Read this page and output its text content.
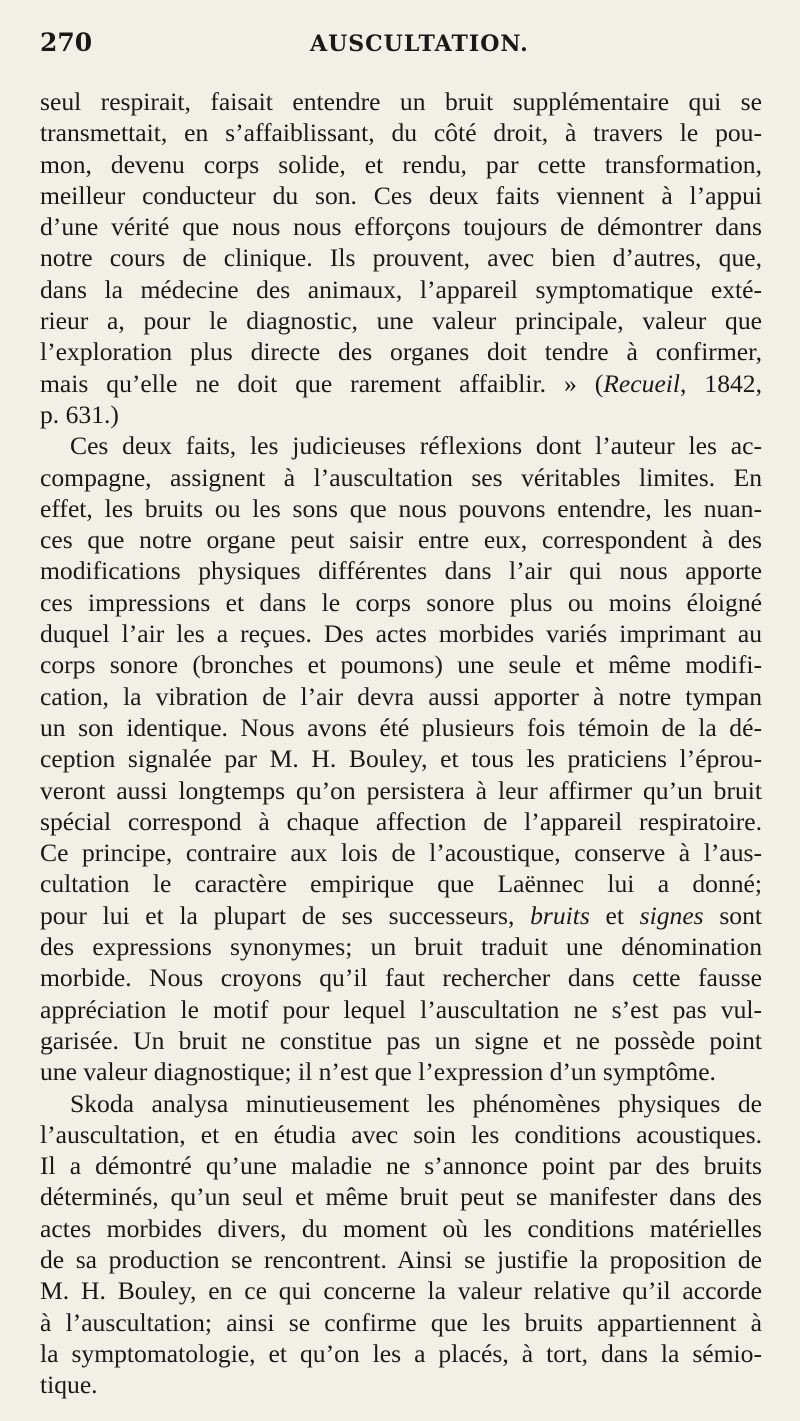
270	AUSCULTATION.
seul respirait, faisait entendre un bruit supplémentaire qui se
transmettait, en s’affaiblissant, du côté droit, à travers le pou-
mon, devenu corps solide, et rendu, par cette transformation,
meilleur conducteur du son. Ces deux faits viennent à l’appui
d’une vérité que nous nous efforçons toujours de démontrer dans
notre cours de clinique. Ils prouvent, avec bien d’autres, que,
dans la médecine des animaux, l’appareil symptomatique exté-
rieur a, pour le diagnostic, une valeur principale, valeur que
l’exploration plus directe des organes doit tendre à confirmer,
mais qu’elle ne doit que rarement affaiblir. » (Recueil, 1842,
p. 631.)
Ces deux faits, les judicieuses réflexions dont l’auteur les ac-
compagne, assignent à l’auscultation ses véritables limites. En
effet, les bruits ou les sons que nous pouvons entendre, les nuan-
ces que notre organe peut saisir entre eux, correspondent à des
modifications physiques différentes dans l’air qui nous apporte
ces impressions et dans le corps sonore plus ou moins éloigné
duquel l’air les a reçues. Des actes morbides variés imprimant au
corps sonore (bronches et poumons) une seule et même modifi-
cation, la vibration de l’air devra aussi apporter à notre tympan
un son identique. Nous avons été plusieurs fois témoin de la dé-
ception signalée par M. H. Bouley, et tous les praticiens l’éprou-
veront aussi longtemps qu’on persistera à leur affirmer qu’un bruit
spécial correspond à chaque affection de l’appareil respiratoire.
Ce principe, contraire aux lois de l’acoustique, conserve à l’aus-
cultation le caractère empirique que Laënnec lui a donné;
pour lui et la plupart de ses successeurs, bruits et signes sont
des expressions synonymes; un bruit traduit une dénomination
morbide. Nous croyons qu’il faut rechercher dans cette fausse
appréciation le motif pour lequel l’auscultation ne s’est pas vul-
garisée. Un bruit ne constitue pas un signe et ne possède point
une valeur diagnostique; il n’est que l’expression d’un symptôme.
Skoda analysa minutieusement les phénomènes physiques de
l’auscultation, et en étudia avec soin les conditions acoustiques.
Il a démontré qu’une maladie ne s’annonce point par des bruits
déterminés, qu’un seul et même bruit peut se manifester dans des
actes morbides divers, du moment où les conditions matérielles
de sa production se rencontrent. Ainsi se justifie la proposition de
M. H. Bouley, en ce qui concerne la valeur relative qu’il accorde
à l’auscultation; ainsi se confirme que les bruits appartiennent à
la symptomatologie, et qu’on les a placés, à tort, dans la sémio-
tique.
